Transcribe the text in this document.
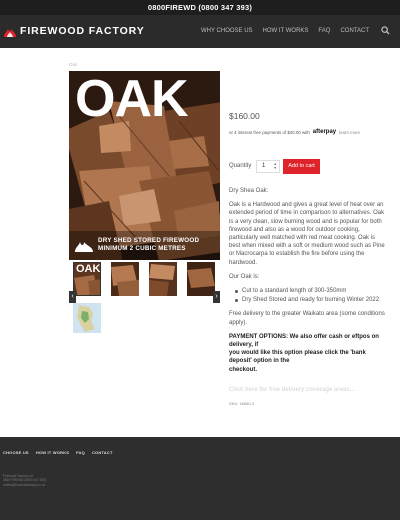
0800FIREWD (0800 347 393)
FIREWOOD FACTORY	WHY CHOOSE US HOW IT WORKS FAQ CONTACT
Oak
OAK
DRY SHED STORED FIREWOOD
MINIMUM 2 CUBIC METRES
OAK
‹	›
$160.00
or 4 interest free payments of $40.00 with afterpay learn more
Quantity	1 ▲
▼	Add to cart

Dry Shea Oak:

Oak is a Hardwood and gives a great level of heat over an extended period of time in comparison to alternatives. Oak is a very clean, slow burning wood and is popular for both firewood and also as a wood for outdoor cooking, particularly well matched with red meat cooking. Oak is best when mixed with a soft or medium wood such as Pine or Macrocarpa to establish the fire before using the hardwood.

Our Oak is:

Cut to a standard length of 300-350mm
Dry Shed Stored and ready for burning Winter 2022

Free delivery to the greater Waikato area (some conditions apply).

PAYMENT OPTIONS: We also offer cash or eftpos on delivery, if
you would like this option please click the 'bank deposit' option in the
checkout.
Click here for free delivery coverage areas...
SKU: 16660-3
CHOOSE US HOW IT WORKS FAQ CONTACT
Firewood Factory Ltd
0800 FIREWD (0800 347 393)
orders@firewoodfactory.co.nz
